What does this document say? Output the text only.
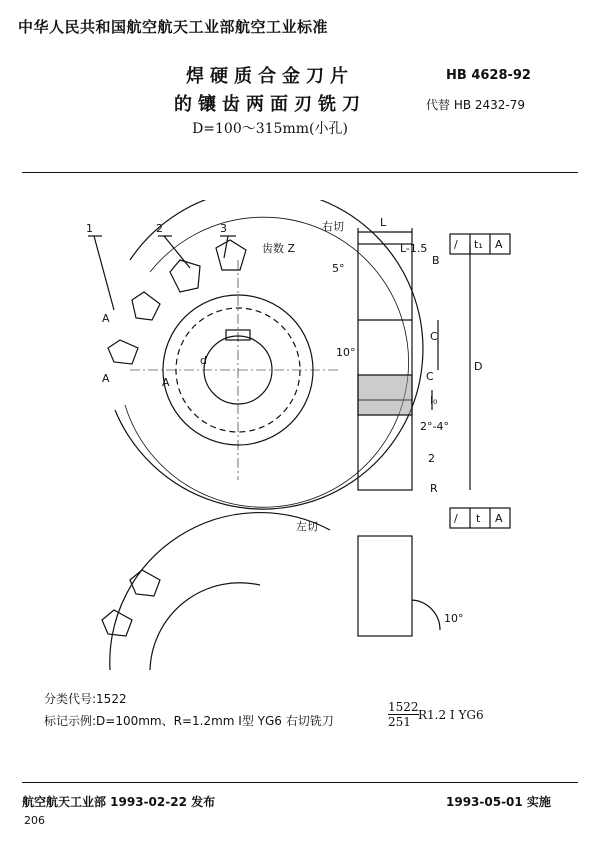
中华人民共和国航空航天工业部航空工业标准
焊硬质合金刀片
的镶齿两面刃铣刀
D=100～315mm(小孔)
HB 4628-92
代替 HB 2432-79
1	2	3
齿数 Z
右切
A
A	A
d
L
L-1.5
B
5°
10°
C
C
D
l₀
2°-4°
2
R
/ t₁ A
/ t A
左切
10°
分类代号:1522
标记示例:D=100mm、R=1.2mm Ⅰ型 YG6 右切铣刀
1522
251 R1.2 Ⅰ YG6
航空航天工业部 1993-02-22 发布	1993-05-01 实施
206
